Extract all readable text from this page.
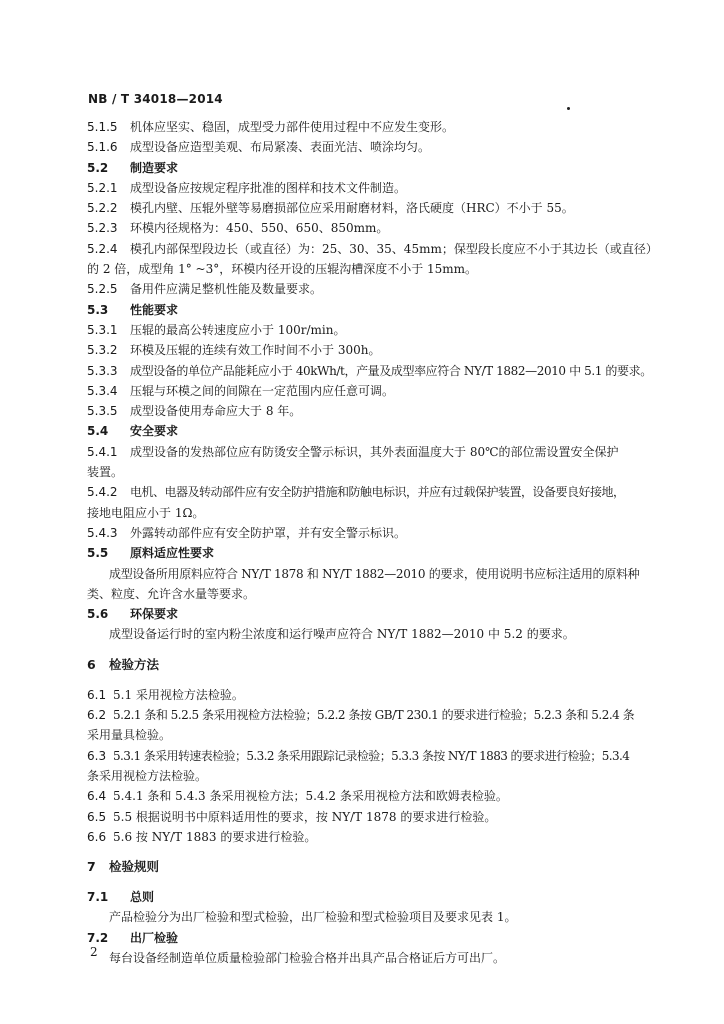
NB / T 34018—2014
5.1.5 机体应坚实、稳固，成型受力部件使用过程中不应发生变形。
5.1.6 成型设备应造型美观、布局紧凑、表面光洁、喷涂均匀。
5.2 制造要求
5.2.1 成型设备应按规定程序批准的图样和技术文件制造。
5.2.2 模孔内壁、压辊外壁等易磨损部位应采用耐磨材料，洛氏硬度（HRC）不小于 55。
5.2.3 环模内径规格为：450、550、650、850mm。
5.2.4 模孔内部保型段边长（或直径）为：25、30、35、45mm；保型段长度应不小于其边长（或直径）
的 2 倍，成型角 1° ~3°，环模内径开设的压辊沟槽深度不小于 15mm。
5.2.5 备用件应满足整机性能及数量要求。
5.3 性能要求
5.3.1 压辊的最高公转速度应小于 100r/min。
5.3.2 环模及压辊的连续有效工作时间不小于 300h。
5.3.3 成型设备的单位产品能耗应小于 40kWh/t，产量及成型率应符合 NY/T 1882—2010 中 5.1 的要求。
5.3.4 压辊与环模之间的间隙在一定范围内应任意可调。
5.3.5 成型设备使用寿命应大于 8 年。
5.4 安全要求
5.4.1 成型设备的发热部位应有防烫安全警示标识，其外表面温度大于 80℃的部位需设置安全保护
装置。
5.4.2 电机、电器及转动部件应有安全防护措施和防触电标识，并应有过载保护装置，设备要良好接地，
接地电阻应小于 1Ω。
5.4.3 外露转动部件应有安全防护罩，并有安全警示标识。
5.5 原料适应性要求
成型设备所用原料应符合 NY/T 1878 和 NY/T 1882—2010 的要求，使用说明书应标注适用的原料种
类、粒度、允许含水量等要求。
5.6 环保要求
成型设备运行时的室内粉尘浓度和运行噪声应符合 NY/T 1882—2010 中 5.2 的要求。
6 检验方法
6.1 5.1 采用视检方法检验。
6.2 5.2.1 条和 5.2.5 条采用视检方法检验；5.2.2 条按 GB/T 230.1 的要求进行检验；5.2.3 条和 5.2.4 条
采用量具检验。
6.3 5.3.1 条采用转速表检验；5.3.2 条采用跟踪记录检验；5.3.3 条按 NY/T 1883 的要求进行检验；5.3.4
条采用视检方法检验。
6.4 5.4.1 条和 5.4.3 条采用视检方法；5.4.2 条采用视检方法和欧姆表检验。
6.5 5.5 根据说明书中原料适用性的要求，按 NY/T 1878 的要求进行检验。
6.6 5.6 按 NY/T 1883 的要求进行检验。
7 检验规则
7.1 总则
产品检验分为出厂检验和型式检验，出厂检验和型式检验项目及要求见表 1。
7.2 出厂检验
每台设备经制造单位质量检验部门检验合格并出具产品合格证后方可出厂。
2
